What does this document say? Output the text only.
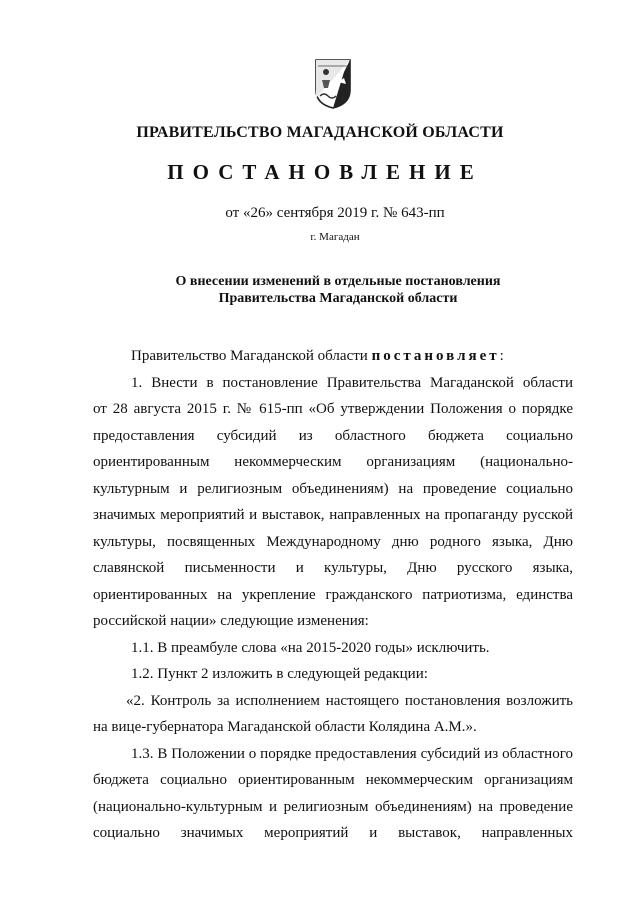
ПРАВИТЕЛЬСТВО МАГАДАНСКОЙ ОБЛАСТИ
ПОСТАНОВЛЕНИЕ
от «26» сентября 2019 г. № 643-пп
г. Магадан
О внесении изменений в отдельные постановления
Правительства Магаданской области
Правительство Магаданской области постановляет:
1. Внести в постановление Правительства Магаданской области
от 28 августа 2015 г. № 615-пп «Об утверждении Положения о порядке
предоставления субсидий из областного бюджета социально
ориентированным некоммерческим организациям (национально-
культурным и религиозным объединениям) на проведение социально
значимых мероприятий и выставок, направленных на пропаганду русской
культуры, посвященных Международному дню родного языка, Дню
славянской письменности и культуры, Дню русского языка,
ориентированных на укрепление гражданского патриотизма, единства
российской нации» следующие изменения:
1.1. В преамбуле слова «на 2015-2020 годы» исключить.
1.2. Пункт 2 изложить в следующей редакции:
«2. Контроль за исполнением настоящего постановления возложить
на вице-губернатора Магаданской области Колядина А.М.».
1.3. В Положении о порядке предоставления субсидий из областного
бюджета социально ориентированным некоммерческим организациям
(национально-культурным и религиозным объединениям) на проведение
социально значимых мероприятий и выставок, направленных
